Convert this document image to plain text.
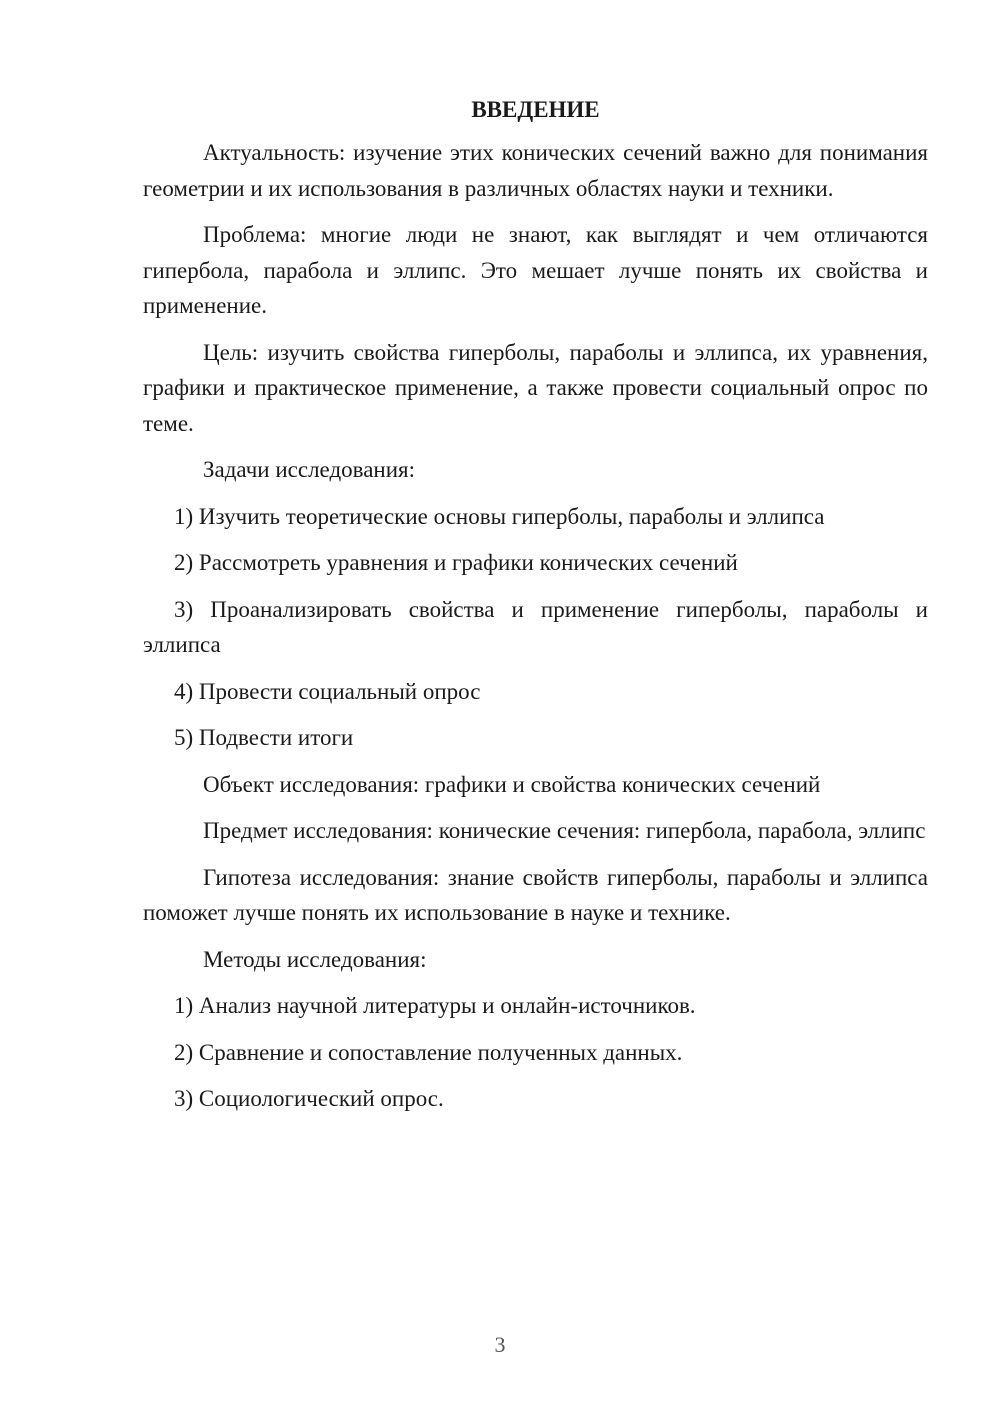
ВВЕДЕНИЕ

Актуальность: изучение этих конических сечений важно для понимания геометрии и их использования в различных областях науки и техники.

Проблема: многие люди не знают, как выглядят и чем отличаются гипербола, парабола и эллипс. Это мешает лучше понять их свойства и применение.

Цель: изучить свойства гиперболы, параболы и эллипса, их уравнения, графики и практическое применение, а также провести социальный опрос по теме.

Задачи исследования:

1) Изучить теоретические основы гиперболы, параболы и эллипса

2) Рассмотреть уравнения и графики конических сечений

3) Проанализировать свойства и применение гиперболы, параболы и эллипса

4) Провести социальный опрос

5) Подвести итоги

Объект исследования: графики и свойства конических сечений

Предмет исследования: конические сечения: гипербола, парабола, эллипс

Гипотеза исследования: знание свойств гиперболы, параболы и эллипса поможет лучше понять их использование в науке и технике.

Методы исследования:

1) Анализ научной литературы и онлайн-источников.

2) Сравнение и сопоставление полученных данных.

3) Социологический опрос.

3
